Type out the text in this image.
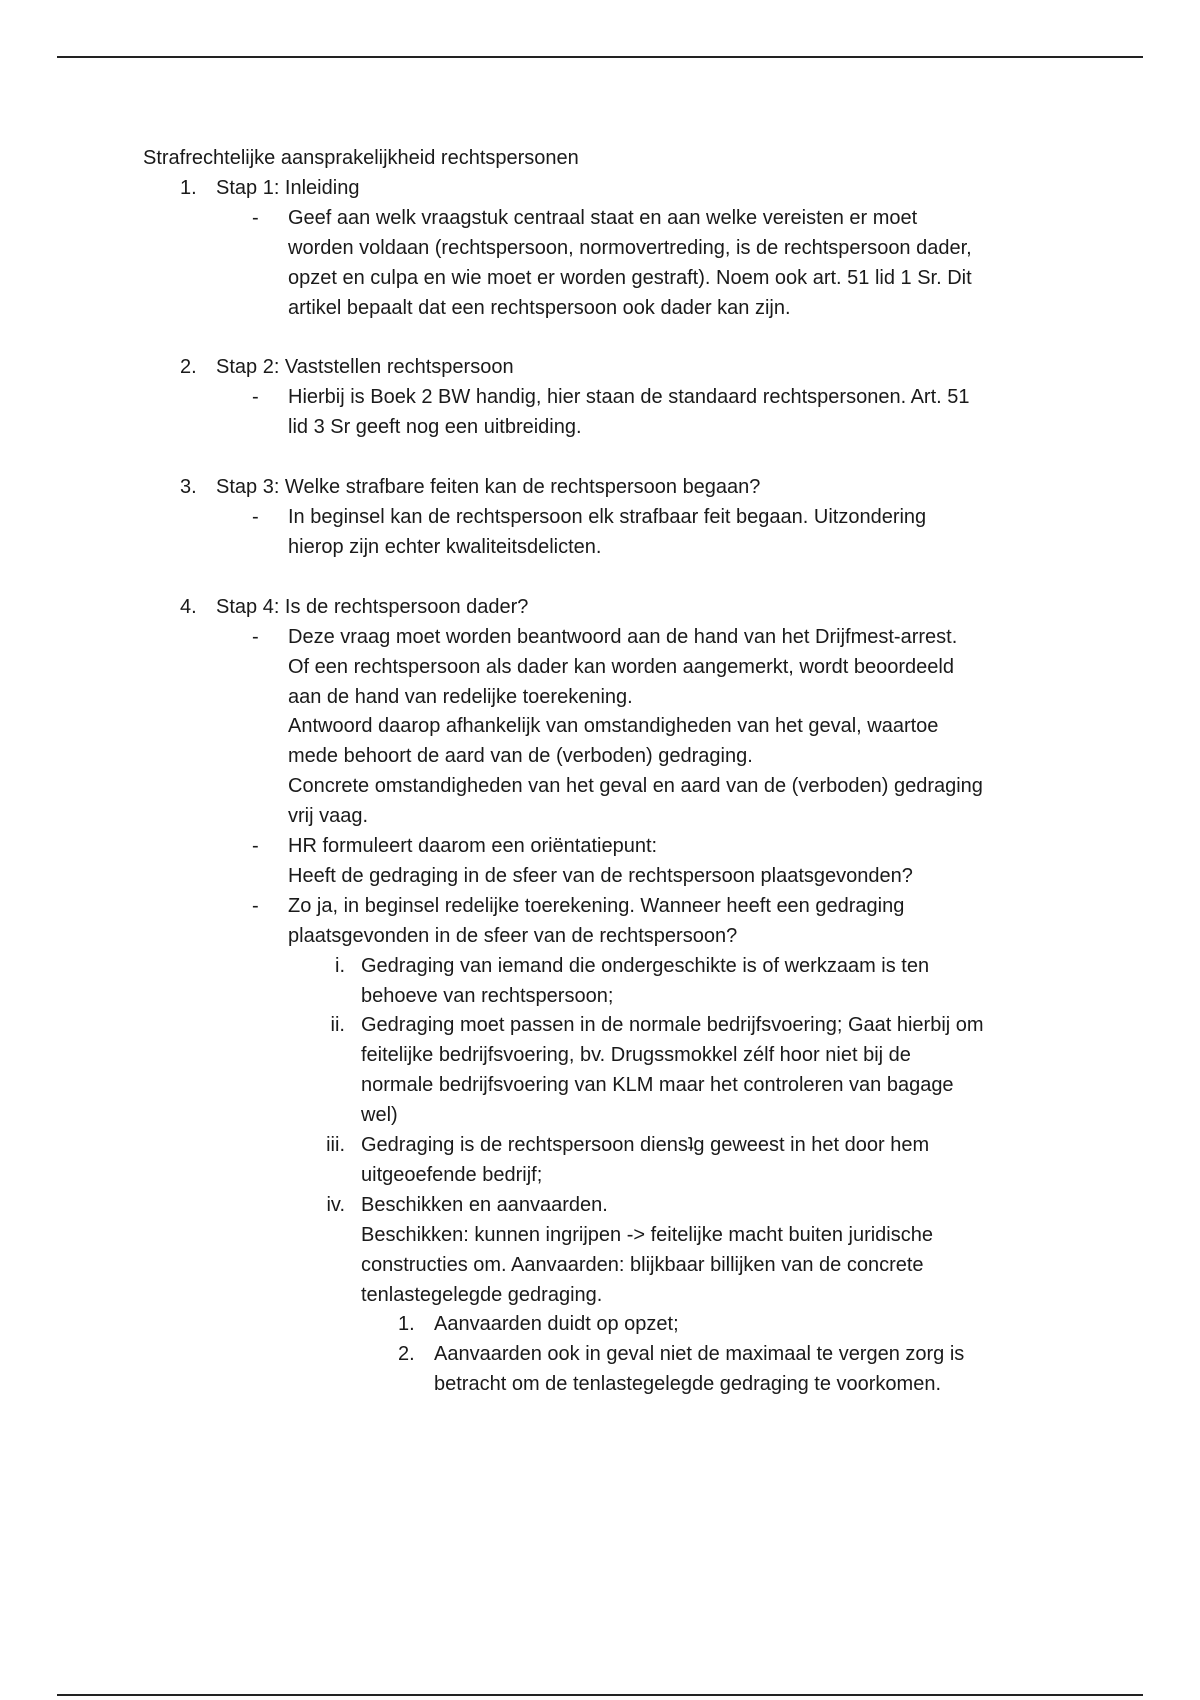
Strafrechtelijke aansprakelijkheid rechtspersonen
1. Stap 1: Inleiding
- Geef aan welk vraagstuk centraal staat en aan welke vereisten er moet
worden voldaan (rechtspersoon, normovertreding, is de rechtspersoon dader,
opzet en culpa en wie moet er worden gestraft). Noem ook art. 51 lid 1 Sr. Dit
artikel bepaalt dat een rechtspersoon ook dader kan zijn.
2. Stap 2: Vaststellen rechtspersoon
- Hierbij is Boek 2 BW handig, hier staan de standaard rechtspersonen. Art. 51
lid 3 Sr geeft nog een uitbreiding.
3. Stap 3: Welke strafbare feiten kan de rechtspersoon begaan?
- In beginsel kan de rechtspersoon elk strafbaar feit begaan. Uitzondering
hierop zijn echter kwaliteitsdelicten.
4. Stap 4: Is de rechtspersoon dader?
- Deze vraag moet worden beantwoord aan de hand van het Drijfmest-arrest.
Of een rechtspersoon als dader kan worden aangemerkt, wordt beoordeeld
aan de hand van redelijke toerekening.
Antwoord daarop afhankelijk van omstandigheden van het geval, waartoe
mede behoort de aard van de (verboden) gedraging.
Concrete omstandigheden van het geval en aard van de (verboden) gedraging
vrij vaag.
- HR formuleert daarom een oriëntatiepunt:
Heeft de gedraging in de sfeer van de rechtspersoon plaatsgevonden?
- Zo ja, in beginsel redelijke toerekening. Wanneer heeft een gedraging
plaatsgevonden in de sfeer van de rechtspersoon?
i. Gedraging van iemand die ondergeschikte is of werkzaam is ten
behoeve van rechtspersoon;
ii. Gedraging moet passen in de normale bedrijfsvoering; Gaat hierbij om
feitelijke bedrijfsvoering, bv. Drugssmokkel zélf hoor niet bij de
normale bedrijfsvoering van KLM maar het controleren van bagage
wel)
iii. Gedraging is de rechtspersoon diensʇg geweest in het door hem
uitgeoefende bedrijf;
iv. Beschikken en aanvaarden.
Beschikken: kunnen ingrijpen -> feitelijke macht buiten juridische
constructies om. Aanvaarden: blijkbaar billijken van de concrete
tenlastegelegde gedraging.
1. Aanvaarden duidt op opzet;
2. Aanvaarden ook in geval niet de maximaal te vergen zorg is
betracht om de tenlastegelegde gedraging te voorkomen.
